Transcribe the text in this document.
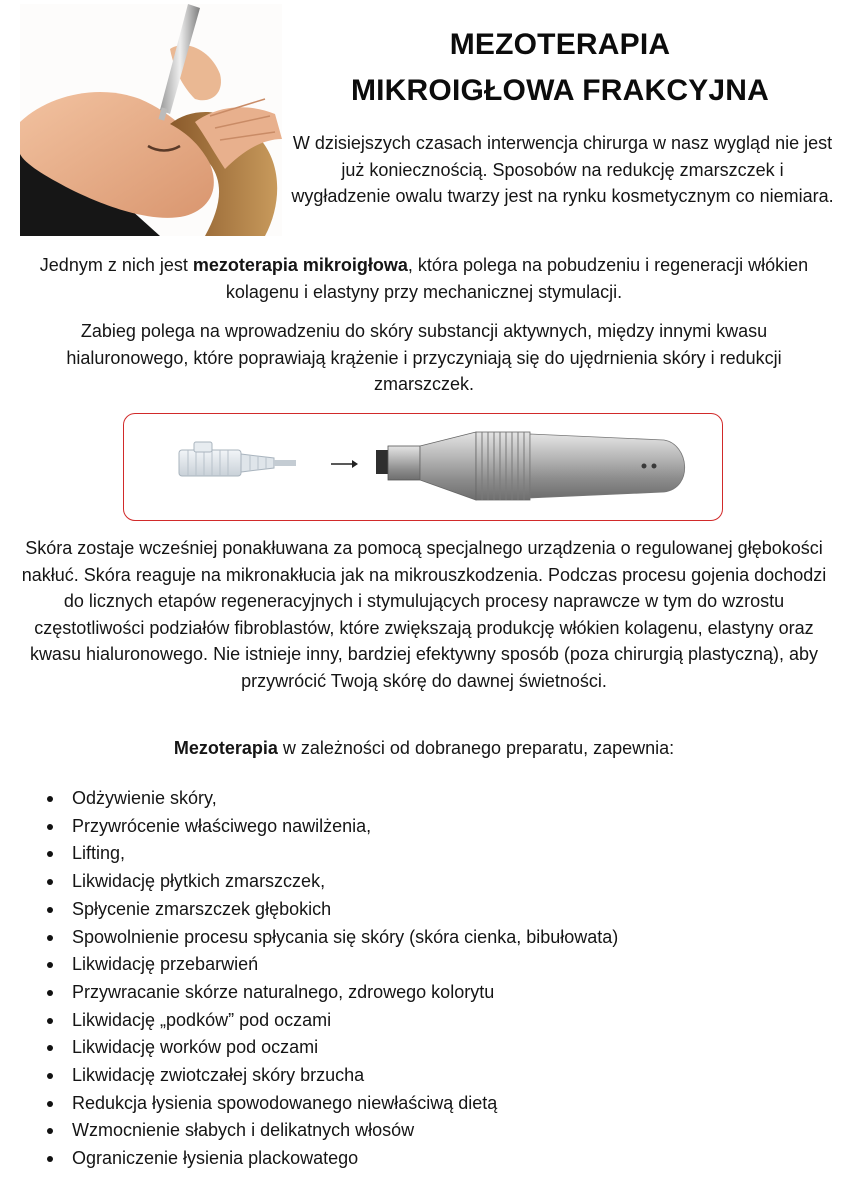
MEZOTERAPIA
MIKROIGŁOWA FRAKCYJNA
W dzisiejszych czasach interwencja chirurga w nasz wygląd nie jest już koniecznością. Sposobów na redukcję zmarszczek i wygładzenie owalu twarzy jest na rynku kosmetycznym co niemiara.
Jednym z nich jest mezoterapia mikroigłowa, która polega na pobudzeniu i regeneracji włókien kolagenu i elastyny przy mechanicznej stymulacji.
Zabieg polega na wprowadzeniu do skóry substancji aktywnych, między innymi kwasu hialuronowego, które poprawiają krążenie i przyczyniają się do ujędrnienia skóry i redukcji zmarszczek.
Skóra zostaje wcześniej ponakłuwana za pomocą specjalnego urządzenia o regulowanej głębokości nakłuć. Skóra reaguje na mikronakłucia jak na mikrouszkodzenia. Podczas procesu gojenia dochodzi do licznych etapów regeneracyjnych i stymulujących procesy naprawcze w tym do wzrostu częstotliwości podziałów fibroblastów, które zwiększają produkcję włókien kolagenu, elastyny oraz kwasu hialuronowego. Nie istnieje inny, bardziej efektywny sposób (poza chirurgią plastyczną), aby przywrócić Twoją skórę do dawnej świetności.
Mezoterapia w zależności od dobranego preparatu, zapewnia:
Odżywienie skóry,
Przywrócenie właściwego nawilżenia,
Lifting,
Likwidację płytkich zmarszczek,
Spłycenie zmarszczek głębokich
Spowolnienie procesu spłycania się skóry (skóra cienka, bibułowata)
Likwidację przebarwień
Przywracanie skórze naturalnego, zdrowego kolorytu
Likwidację „podków” pod oczami
Likwidację worków pod oczami
Likwidację zwiotczałej skóry brzucha
Redukcja łysienia spowodowanego niewłaściwą dietą
Wzmocnienie słabych i delikatnych włosów
Ograniczenie łysienia plackowatego
